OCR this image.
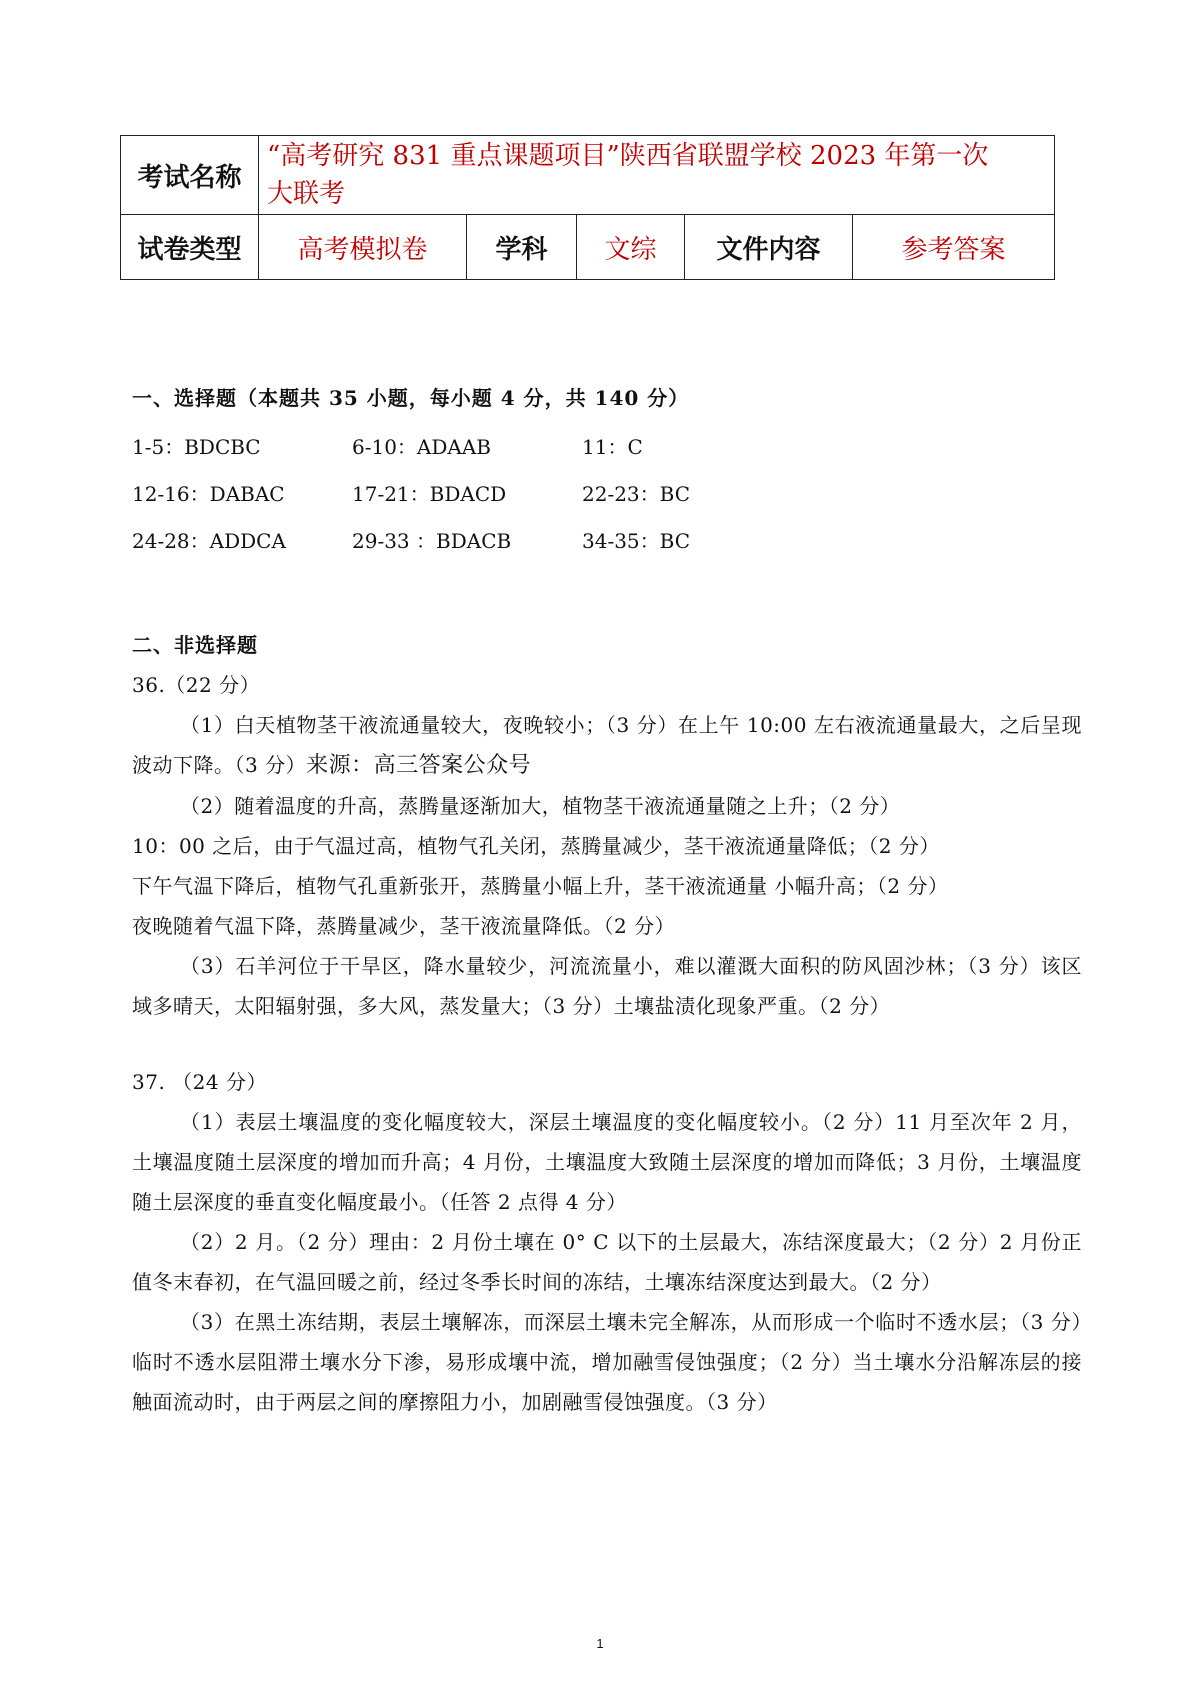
考试名称	“高考研究 831 重点课题项目”陕西省联盟学校 2023 年第一次
大联考				

试卷类型	高考模拟卷	学科	文综	文件内容	参考答案
一、选择题（本题共 35 小题，每小题 4 分，共 140 分）
1-5：BDCBC	6-10：ADAAB	11：C
12-16：DABAC	17-21：BDACD	22-23：BC
24-28：ADDCA	29-33 ：BDACB	34-35：BC
二、非选择题

36.（22 分）

（1）白天植物茎干液流通量较大，夜晚较小；（3 分）在上午 10:00 左右液流通量最大，之后呈现波动下降。（3 分）来源：高三答案公众号

（2）随着温度的升高，蒸腾量逐渐加大，植物茎干液流通量随之上升；（2 分）

10：00 之后，由于气温过高，植物气孔关闭，蒸腾量减少，茎干液流通量降低；（2 分）

下午气温下降后，植物气孔重新张开，蒸腾量小幅上升，茎干液流通量 小幅升高；（2 分）

夜晚随着气温下降，蒸腾量减少，茎干液流量降低。（2 分）

（3）石羊河位于干旱区，降水量较少，河流流量小，难以灌溉大面积的防风固沙林；（3 分）该区域多晴天，太阳辐射强，多大风，蒸发量大；（3 分）土壤盐渍化现象严重。（2 分）

37. （24 分）

（1）表层土壤温度的变化幅度较大，深层土壤温度的变化幅度较小。（2 分）11 月至次年 2 月，土壤温度随土层深度的增加而升高；4 月份，土壤温度大致随土层深度的增加而降低；3 月份，土壤温度随土层深度的垂直变化幅度最小。（任答 2 点得 4 分）

（2）2 月。（2 分）理由：2 月份土壤在 0° C 以下的土层最大，冻结深度最大；（2 分）2 月份正值冬末春初，在气温回暖之前，经过冬季长时间的冻结，土壤冻结深度达到最大。（2 分）

（3）在黑土冻结期，表层土壤解冻，而深层土壤未完全解冻，从而形成一个临时不透水层；（3 分）临时不透水层阻滞土壤水分下渗，易形成壤中流，增加融雪侵蚀强度；（2 分）当土壤水分沿解冻层的接触面流动时，由于两层之间的摩擦阻力小，加剧融雪侵蚀强度。（3 分）

1
